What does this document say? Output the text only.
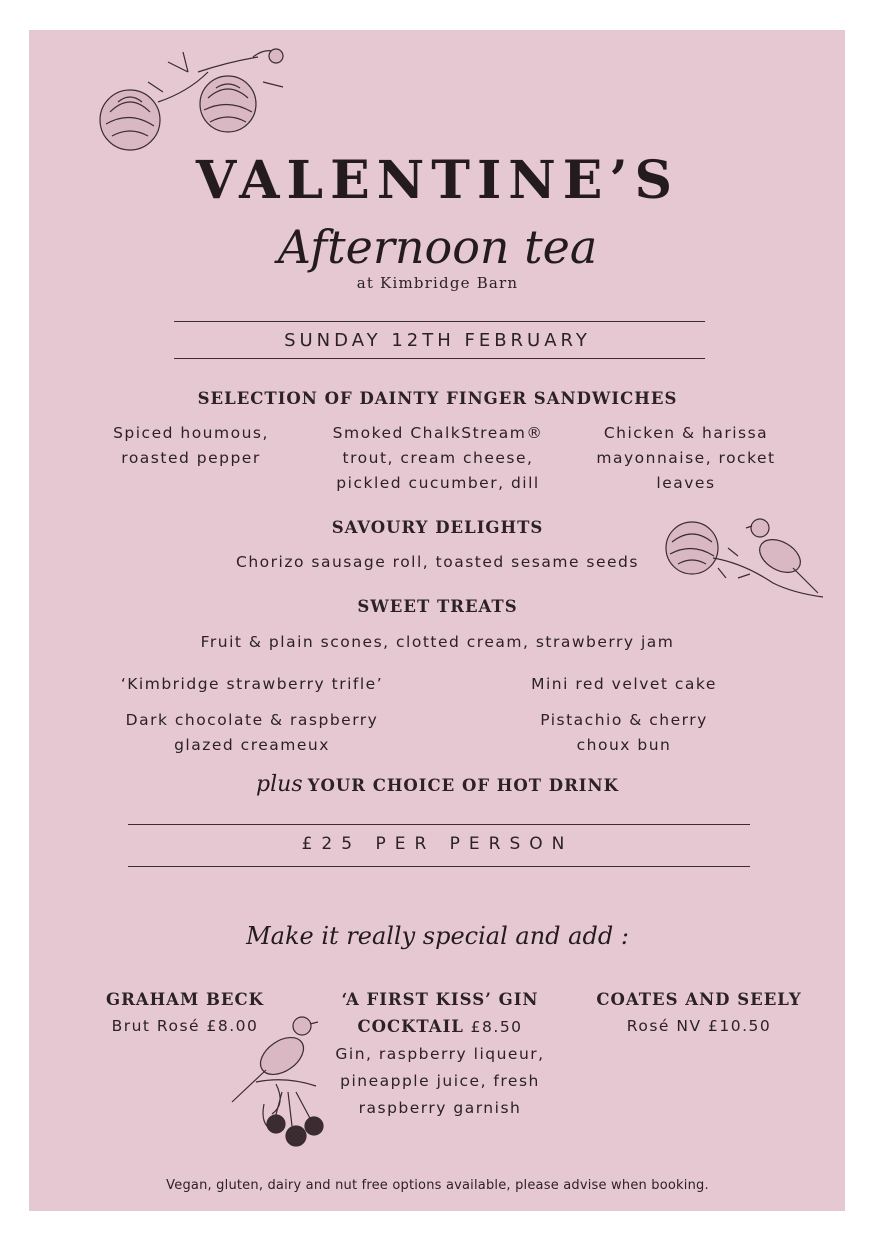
VALENTINE’S
Afternoon tea
at Kimbridge Barn
SUNDAY 12TH FEBRUARY
SELECTION OF DAINTY FINGER SANDWICHES
Spiced houmous,
roasted pepper
Smoked ChalkStream®
trout, cream cheese,
pickled cucumber, dill
Chicken & harissa
mayonnaise, rocket
leaves
SAVOURY DELIGHTS
Chorizo sausage roll, toasted sesame seeds
SWEET TREATS
Fruit & plain scones, clotted cream, strawberry jam
‘Kimbridge strawberry trifle’	Mini red velvet cake
Dark chocolate & raspberry
glazed creameux
Pistachio & cherry
choux bun
plus YOUR CHOICE OF HOT DRINK
£25 PER PERSON
Make it really special and add :
GRAHAM BECK
Brut Rosé £8.00
‘A FIRST KISS’ GIN
COCKTAIL £8.50
Gin, raspberry liqueur,
pineapple juice, fresh
raspberry garnish
COATES AND SEELY
Rosé NV £10.50
Vegan, gluten, dairy and nut free options available, please advise when booking.
